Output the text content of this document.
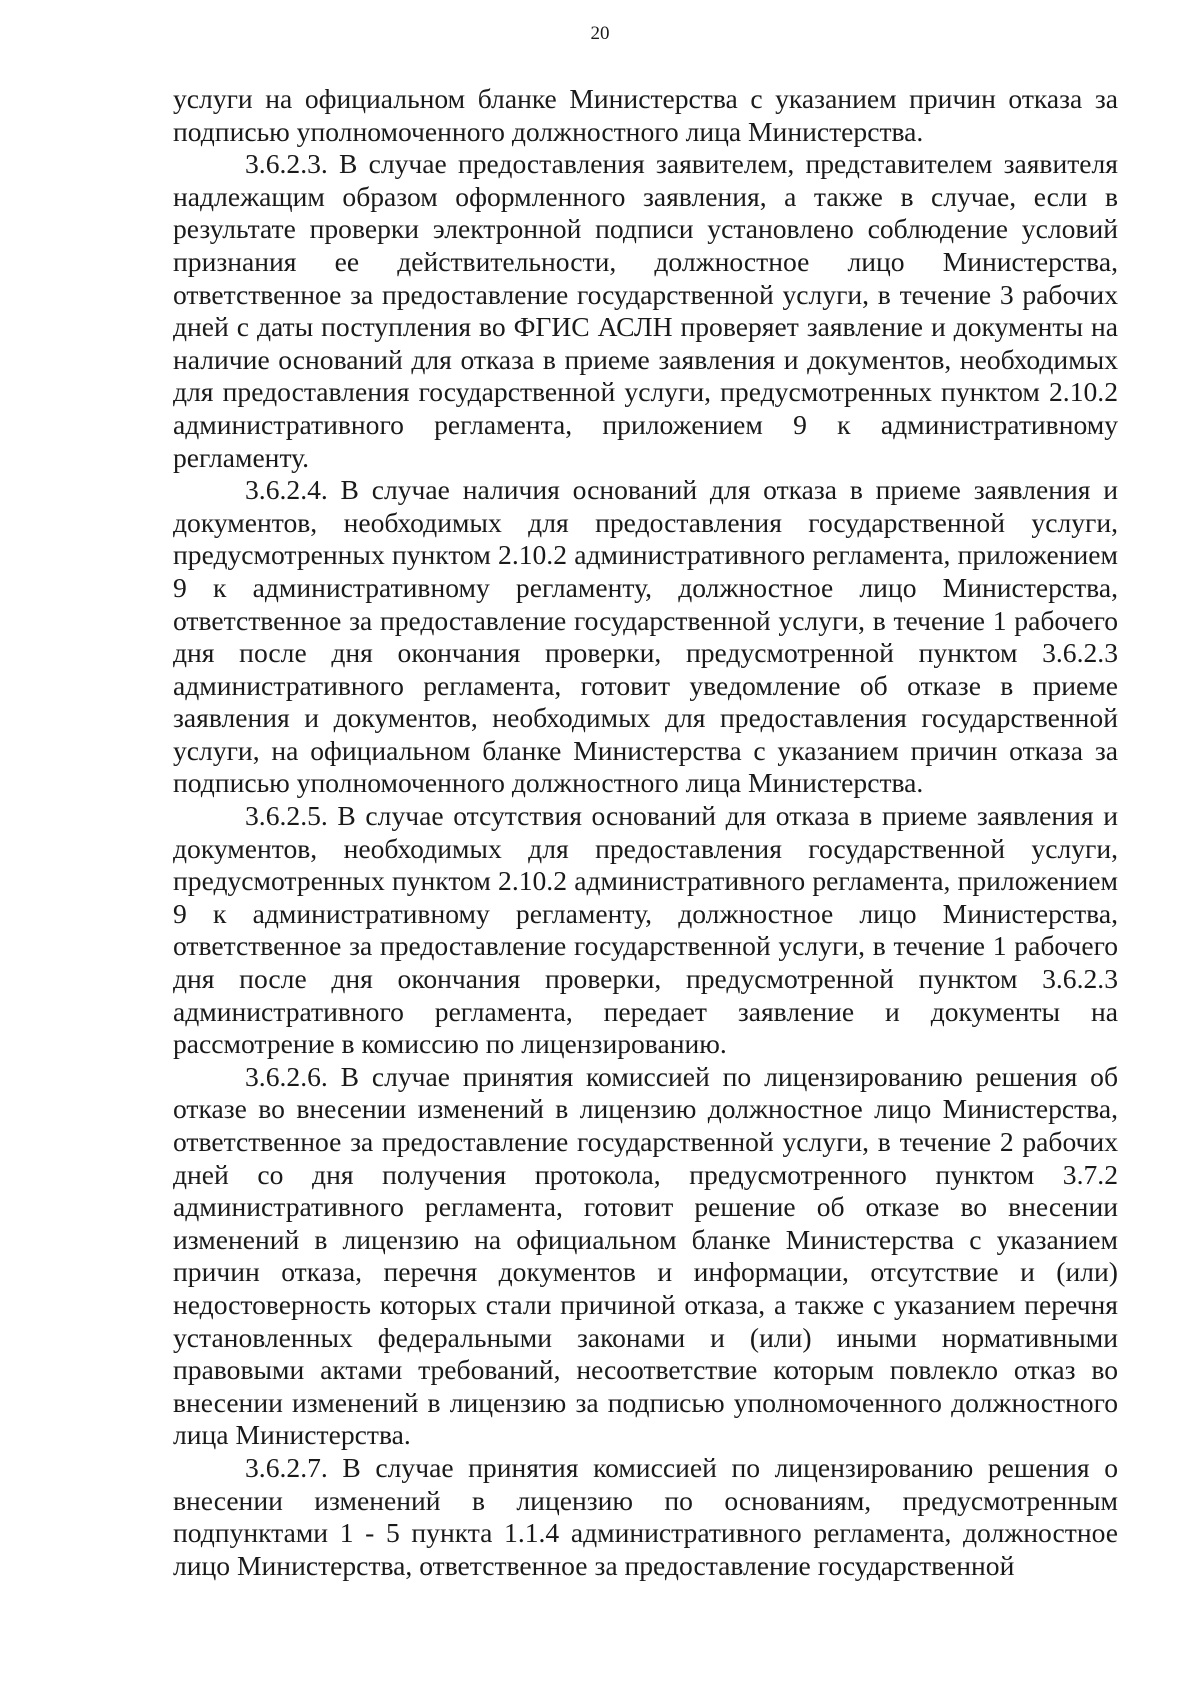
20

услуги на официальном бланке Министерства с указанием причин отказа за подписью уполномоченного должностного лица Министерства.

3.6.2.3. В случае предоставления заявителем, представителем заявителя надлежащим образом оформленного заявления, а также в случае, если в результате проверки электронной подписи установлено соблюдение условий признания ее действительности, должностное лицо Министерства, ответственное за предоставление государственной услуги, в течение 3 рабочих дней с даты поступления во ФГИС АСЛН проверяет заявление и документы на наличие оснований для отказа в приеме заявления и документов, необходимых для предоставления государственной услуги, предусмотренных пунктом 2.10.2 административного регламента, приложением 9 к административному регламенту.

3.6.2.4. В случае наличия оснований для отказа в приеме заявления и документов, необходимых для предоставления государственной услуги, предусмотренных пунктом 2.10.2 административного регламента, приложением 9 к административному регламенту, должностное лицо Министерства, ответственное за предоставление государственной услуги, в течение 1 рабочего дня после дня окончания проверки, предусмотренной пунктом 3.6.2.3 административного регламента, готовит уведомление об отказе в приеме заявления и документов, необходимых для предоставления государственной услуги, на официальном бланке Министерства с указанием причин отказа за подписью уполномоченного должностного лица Министерства.

3.6.2.5. В случае отсутствия оснований для отказа в приеме заявления и документов, необходимых для предоставления государственной услуги, предусмотренных пунктом 2.10.2 административного регламента, приложением 9 к административному регламенту, должностное лицо Министерства, ответственное за предоставление государственной услуги, в течение 1 рабочего дня после дня окончания проверки, предусмотренной пунктом 3.6.2.3 административного регламента, передает заявление и документы на рассмотрение в комиссию по лицензированию.

3.6.2.6. В случае принятия комиссией по лицензированию решения об отказе во внесении изменений в лицензию должностное лицо Министерства, ответственное за предоставление государственной услуги, в течение 2 рабочих дней со дня получения протокола, предусмотренного пунктом 3.7.2 административного регламента, готовит решение об отказе во внесении изменений в лицензию на официальном бланке Министерства с указанием причин отказа, перечня документов и информации, отсутствие и (или) недостоверность которых стали причиной отказа, а также с указанием перечня установленных федеральными законами и (или) иными нормативными правовыми актами требований, несоответствие которым повлекло отказ во внесении изменений в лицензию за подписью уполномоченного должностного лица Министерства.

3.6.2.7. В случае принятия комиссией по лицензированию решения о внесении изменений в лицензию по основаниям, предусмотренным подпунктами 1 - 5 пункта 1.1.4 административного регламента, должностное лицо Министерства, ответственное за предоставление государственной
